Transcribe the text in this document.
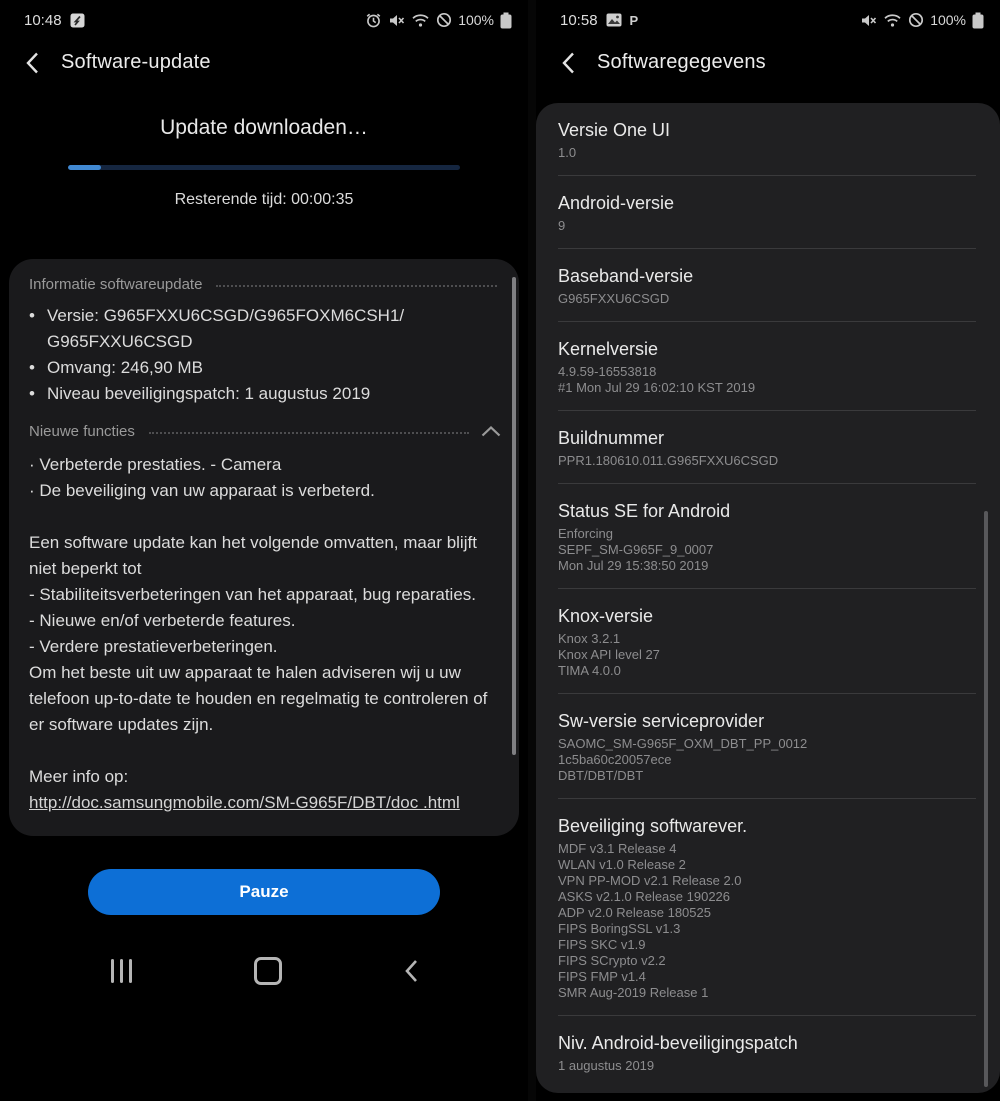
10:48	100%
Software-update
Update downloaden…
Resterende tijd: 00:00:35
Informatie softwareupdate
• Versie: G965FXXU6CSGD/G965FOXM6CSH1/ G965FXXU6CSGD
• Omvang: 246,90 MB
• Niveau beveiligingspatch: 1 augustus 2019
Nieuwe functies

· Verbeterde prestaties. - Camera

· De beveiliging van uw apparaat is verbeterd.

Een software update kan het volgende omvatten, maar blijft niet beperkt tot

- Stabiliteitsverbeteringen van het apparaat, bug reparaties.

- Nieuwe en/of verbeterde features.

- Verdere prestatieverbeteringen.

Om het beste uit uw apparaat te halen adviseren wij u uw telefoon up-to-date te houden en regelmatig te controleren of er software updates zijn.

Meer info op:
http://doc.samsungmobile.com/SM-G965F/DBT/doc .html
Pauze
10:58 P	100%
Softwaregegevens
Versie One UI
1.0
Android-versie
9
Baseband-versie
G965FXXU6CSGD
Kernelversie
4.9.59-16553818
#1 Mon Jul 29 16:02:10 KST 2019
Buildnummer
PPR1.180610.011.G965FXXU6CSGD
Status SE for Android
Enforcing
SEPF_SM-G965F_9_0007
Mon Jul 29 15:38:50 2019
Knox-versie
Knox 3.2.1
Knox API level 27
TIMA 4.0.0
Sw-versie serviceprovider
SAOMC_SM-G965F_OXM_DBT_PP_0012
1c5ba60c20057ece
DBT/DBT/DBT
Beveiliging softwarever.
MDF v3.1 Release 4
WLAN v1.0 Release 2
VPN PP-MOD v2.1 Release 2.0
ASKS v2.1.0 Release 190226
ADP v2.0 Release 180525
FIPS BoringSSL v1.3
FIPS SKC v1.9
FIPS SCrypto v2.2
FIPS FMP v1.4
SMR Aug-2019 Release 1
Niv. Android-beveiligingspatch
1 augustus 2019
